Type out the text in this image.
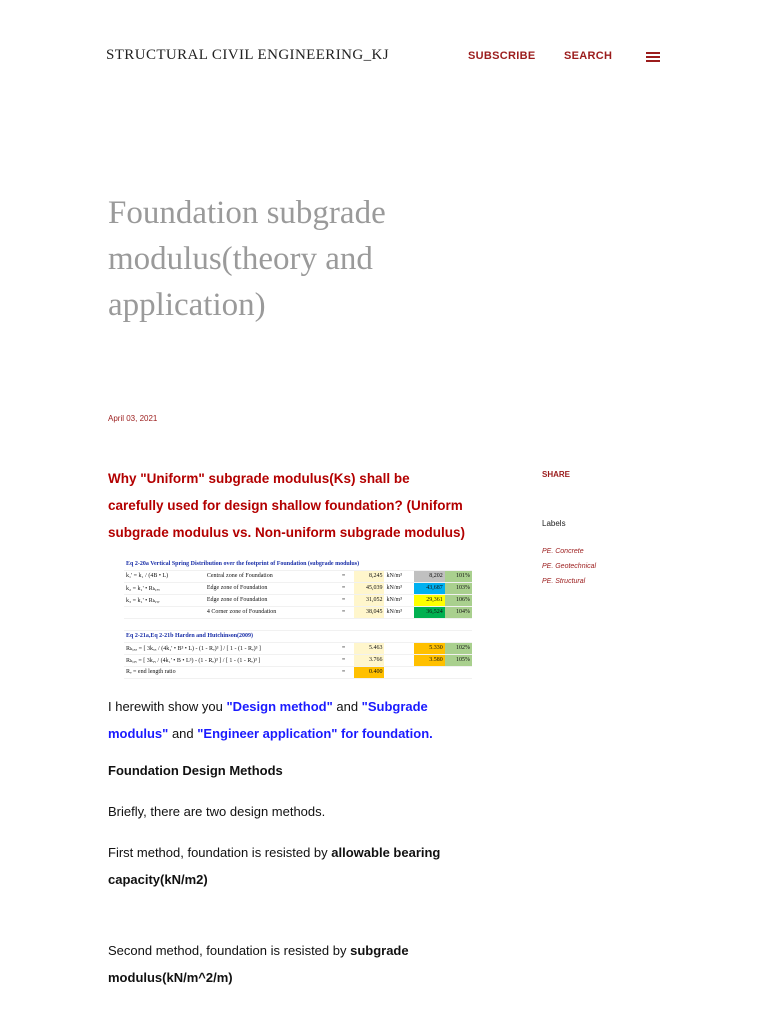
STRUCTURAL CIVIL ENGINEERING_KJ	SUBSCRIBE	SEARCH
Foundation subgrade modulus(theory and application)
April 03, 2021
SHARE
Labels
PE. Concrete
PE. Geotechnical
PE. Structural

Why "Uniform" subgrade modulus(Ks) shall be carefully used for design shallow foundation? (Uniform subgrade modulus vs. Non-uniform subgrade modulus)

Eq 2-20a Vertical Spring Distribution over the footprint of Foundation (subgrade modulus)						
k₁' = k₁ / (4B • L)	Central zone of Foundation	=	8,245	kN/m³	8,202	101%
k₂ = k₁' • Rₖ,ₓₓ	Edge zone of Foundation	=	45,039	kN/m³	43,687	103%
k₃ = k₁' • Rₖ,ᵧᵧ	Edge zone of Foundation	=	31,052	kN/m³	29,361	106%
	4 Corner zone of Foundation	=	38,045	kN/m³	36,524	104%

Eq 2-21a,Eq 2-21b Harden and Hutchinson(2009)						
Rₖ,ₓₓ = [ 3kₓₓ / (4k₁' • B³ • L) - (1 - Rₑ)³ ] / [ 1 - (1 - Rₑ)³ ]		=	5.463		5.330	102%
Rₖ,ᵧᵧ = [ 3kᵧᵧ / (4k₁' • B • L³) - (1 - Rₑ)³ ] / [ 1 - (1 - Rₑ)³ ]		=	3.766		3.580	105%
Rₑ = end length ratio		=	0.400			

I herewith show you "Design method" and "Subgrade modulus" and "Engineer application" for foundation.

Foundation Design Methods

Briefly, there are two design methods.

First method, foundation is resisted by allowable bearing capacity(kN/m2)

Second method, foundation is resisted by subgrade modulus(kN/m^2/m)
